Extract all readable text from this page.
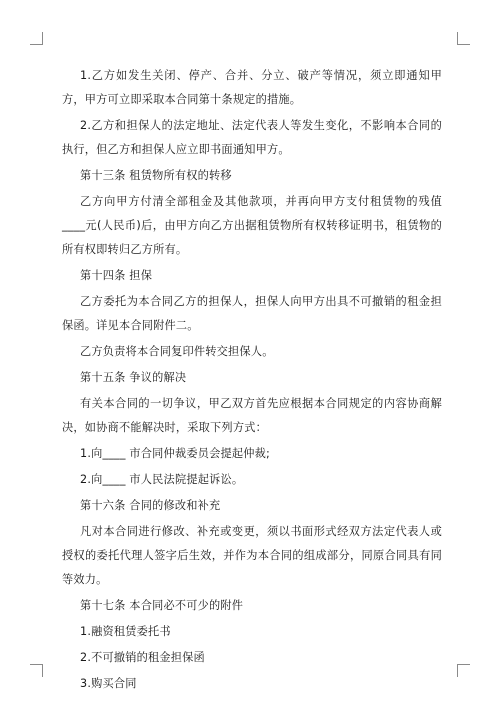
1.乙方如发生关闭、停产、合并、分立、破产等情况，须立即通知甲方，甲方可立即采取本合同第十条规定的措施。

2.乙方和担保人的法定地址、法定代表人等发生变化，不影响本合同的执行，但乙方和担保人应立即书面通知甲方。

第十三条 租赁物所有权的转移

乙方向甲方付清全部租金及其他款项，并再向甲方支付租赁物的残值____元(人民币)后，由甲方向乙方出据租赁物所有权转移证明书，租赁物的所有权即转归乙方所有。

第十四条 担保

乙方委托为本合同乙方的担保人，担保人向甲方出具不可撤销的租金担保函。详见本合同附件二。

乙方负责将本合同复印件转交担保人。

第十五条 争议的解决

有关本合同的一切争议，甲乙双方首先应根据本合同规定的内容协商解决，如协商不能解决时，采取下列方式：

1.向____ 市合同仲裁委员会提起仲裁;

2.向____ 市人民法院提起诉讼。

第十六条 合同的修改和补充

凡对本合同进行修改、补充或变更，须以书面形式经双方法定代表人或授权的委托代理人签字后生效，并作为本合同的组成部分，同原合同具有同等效力。

第十七条 本合同必不可少的附件

1.融资租赁委托书

2.不可撤销的租金担保函

3.购买合同
